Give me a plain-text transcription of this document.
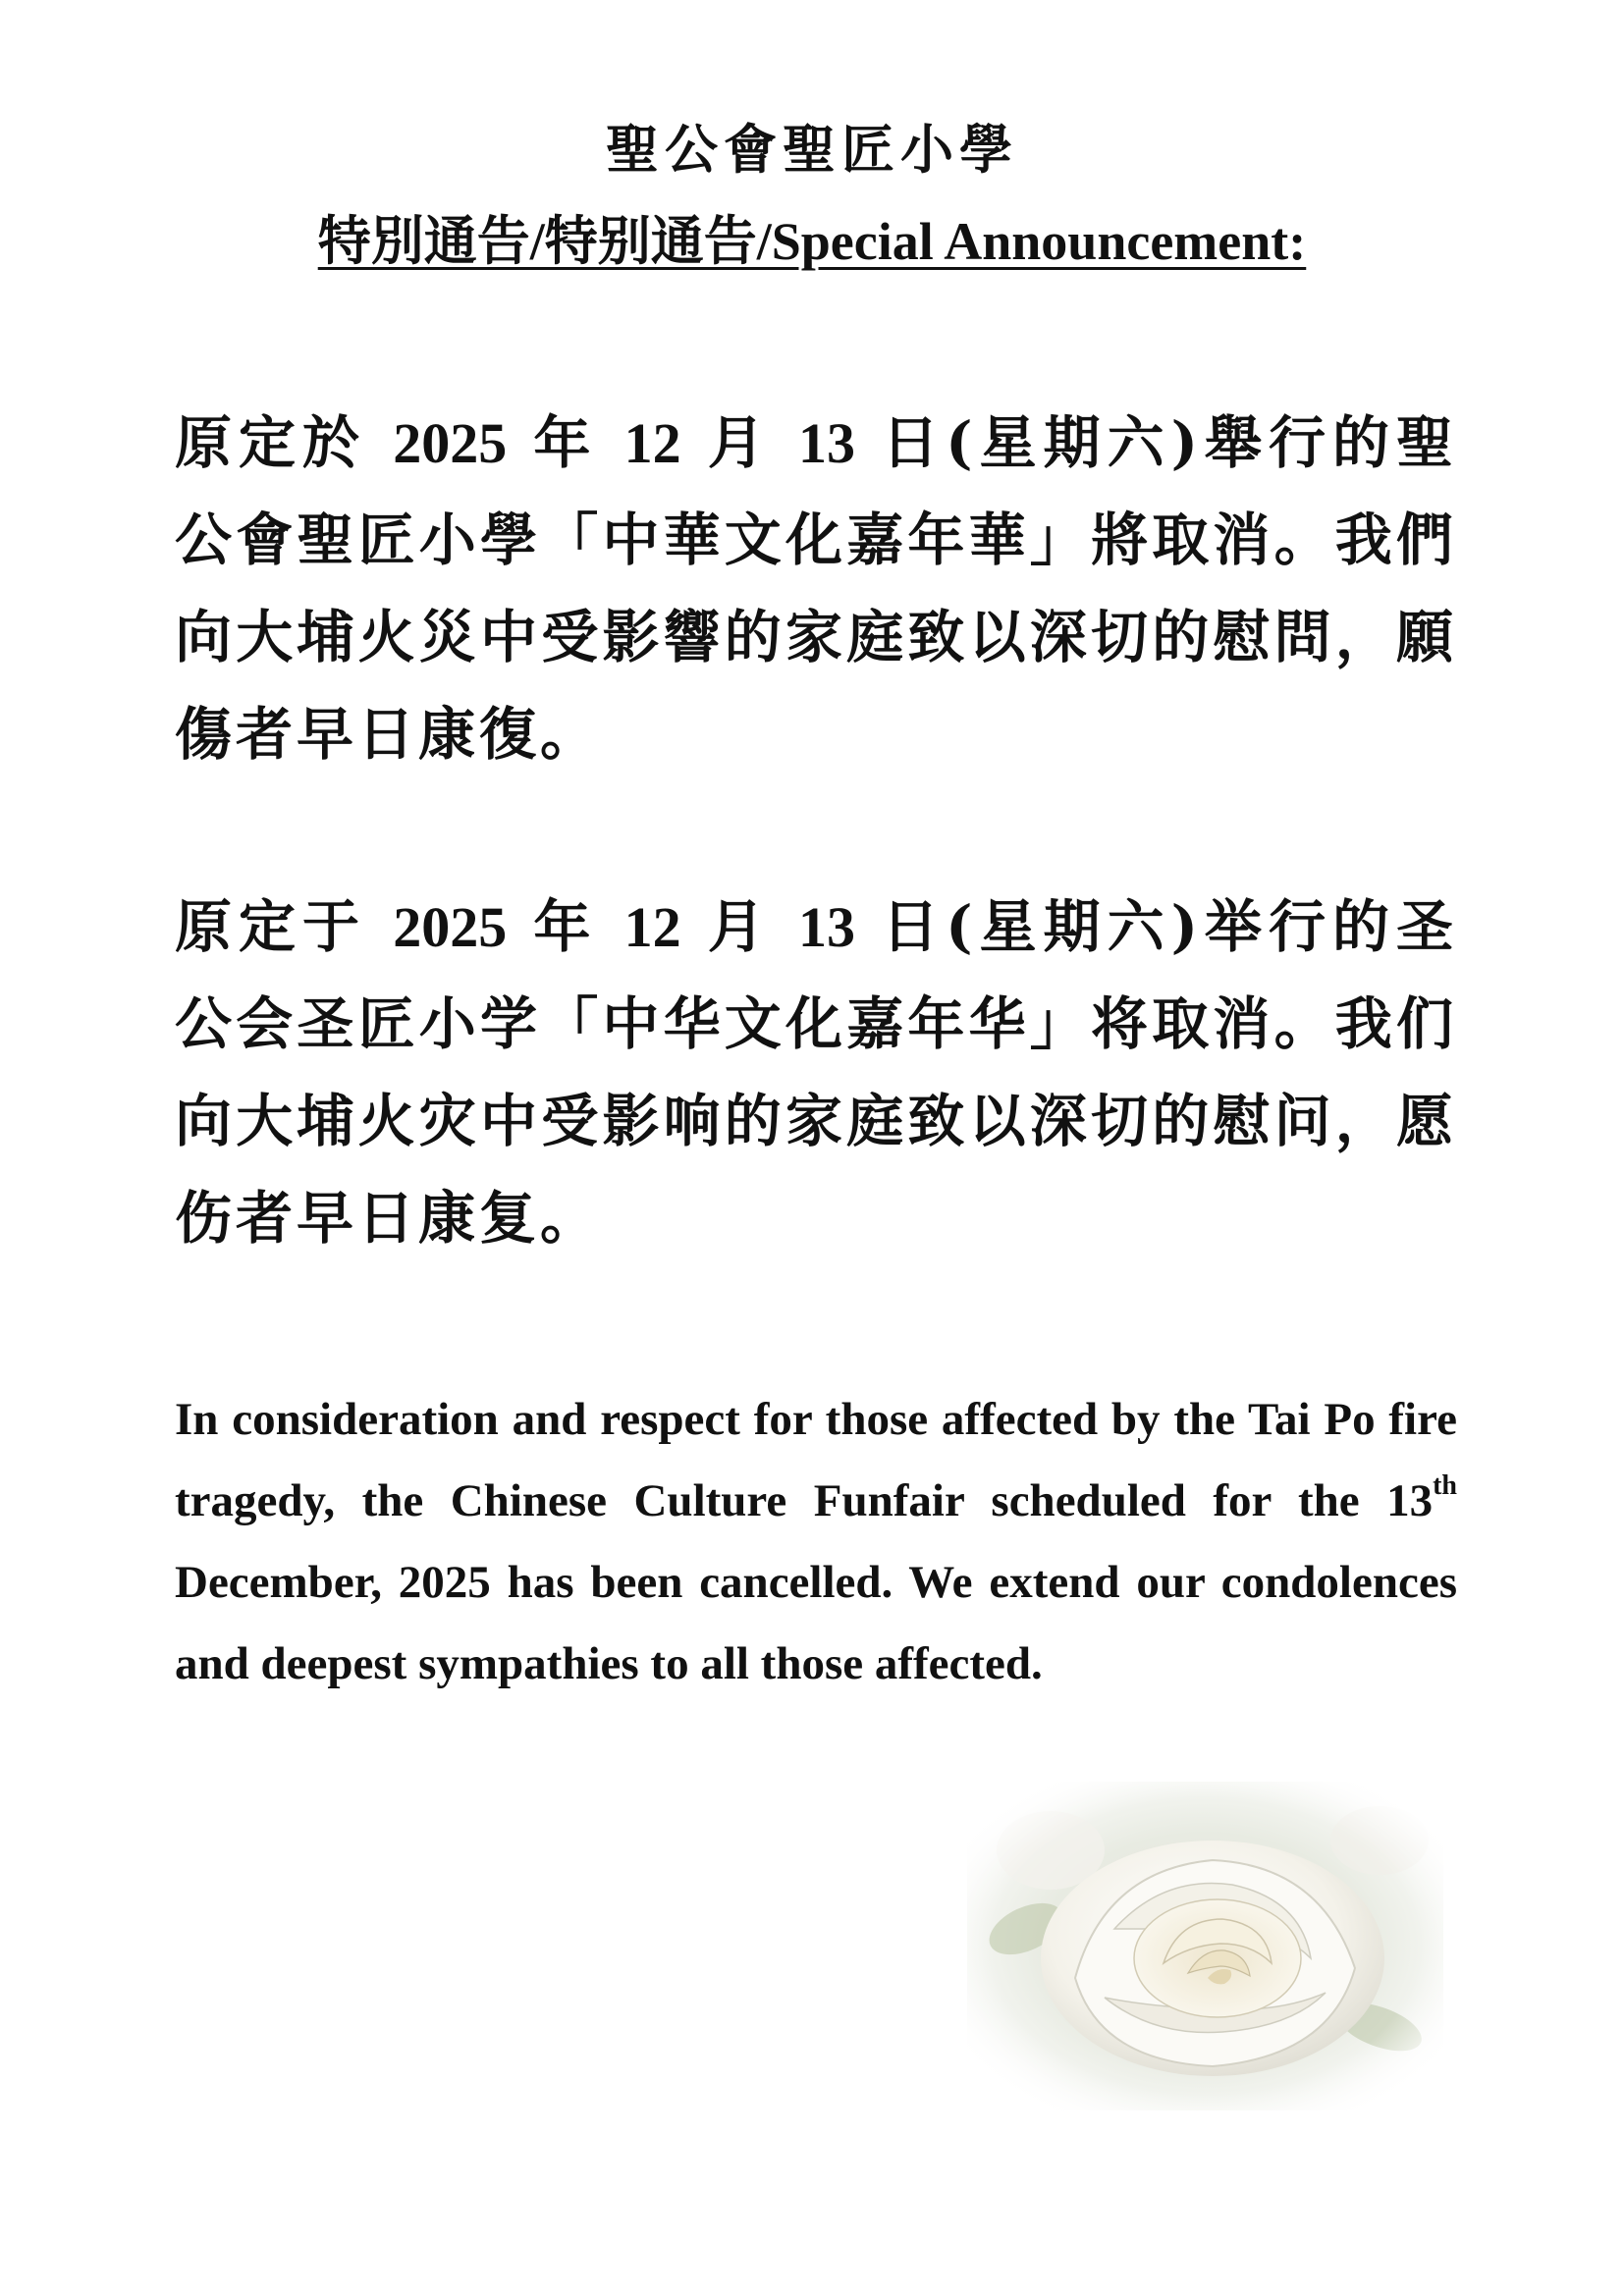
聖公會聖匠小學
特別通告/特别通告/Special Announcement:
原定於 2025 年 12 月 13 日(星期六)舉行的聖公會聖匠小學「中華文化嘉年華」將取消。我們向大埔火災中受影響的家庭致以深切的慰問，願傷者早日康復。
原定于 2025 年 12 月 13 日(星期六)举行的圣公会圣匠小学「中华文化嘉年华」将取消。我们向大埔火灾中受影响的家庭致以深切的慰问，愿伤者早日康复。
In consideration and respect for those affected by the Tai Po fire tragedy, the Chinese Culture Funfair scheduled for the 13th December, 2025 has been cancelled. We extend our condolences and deepest sympathies to all those affected.
